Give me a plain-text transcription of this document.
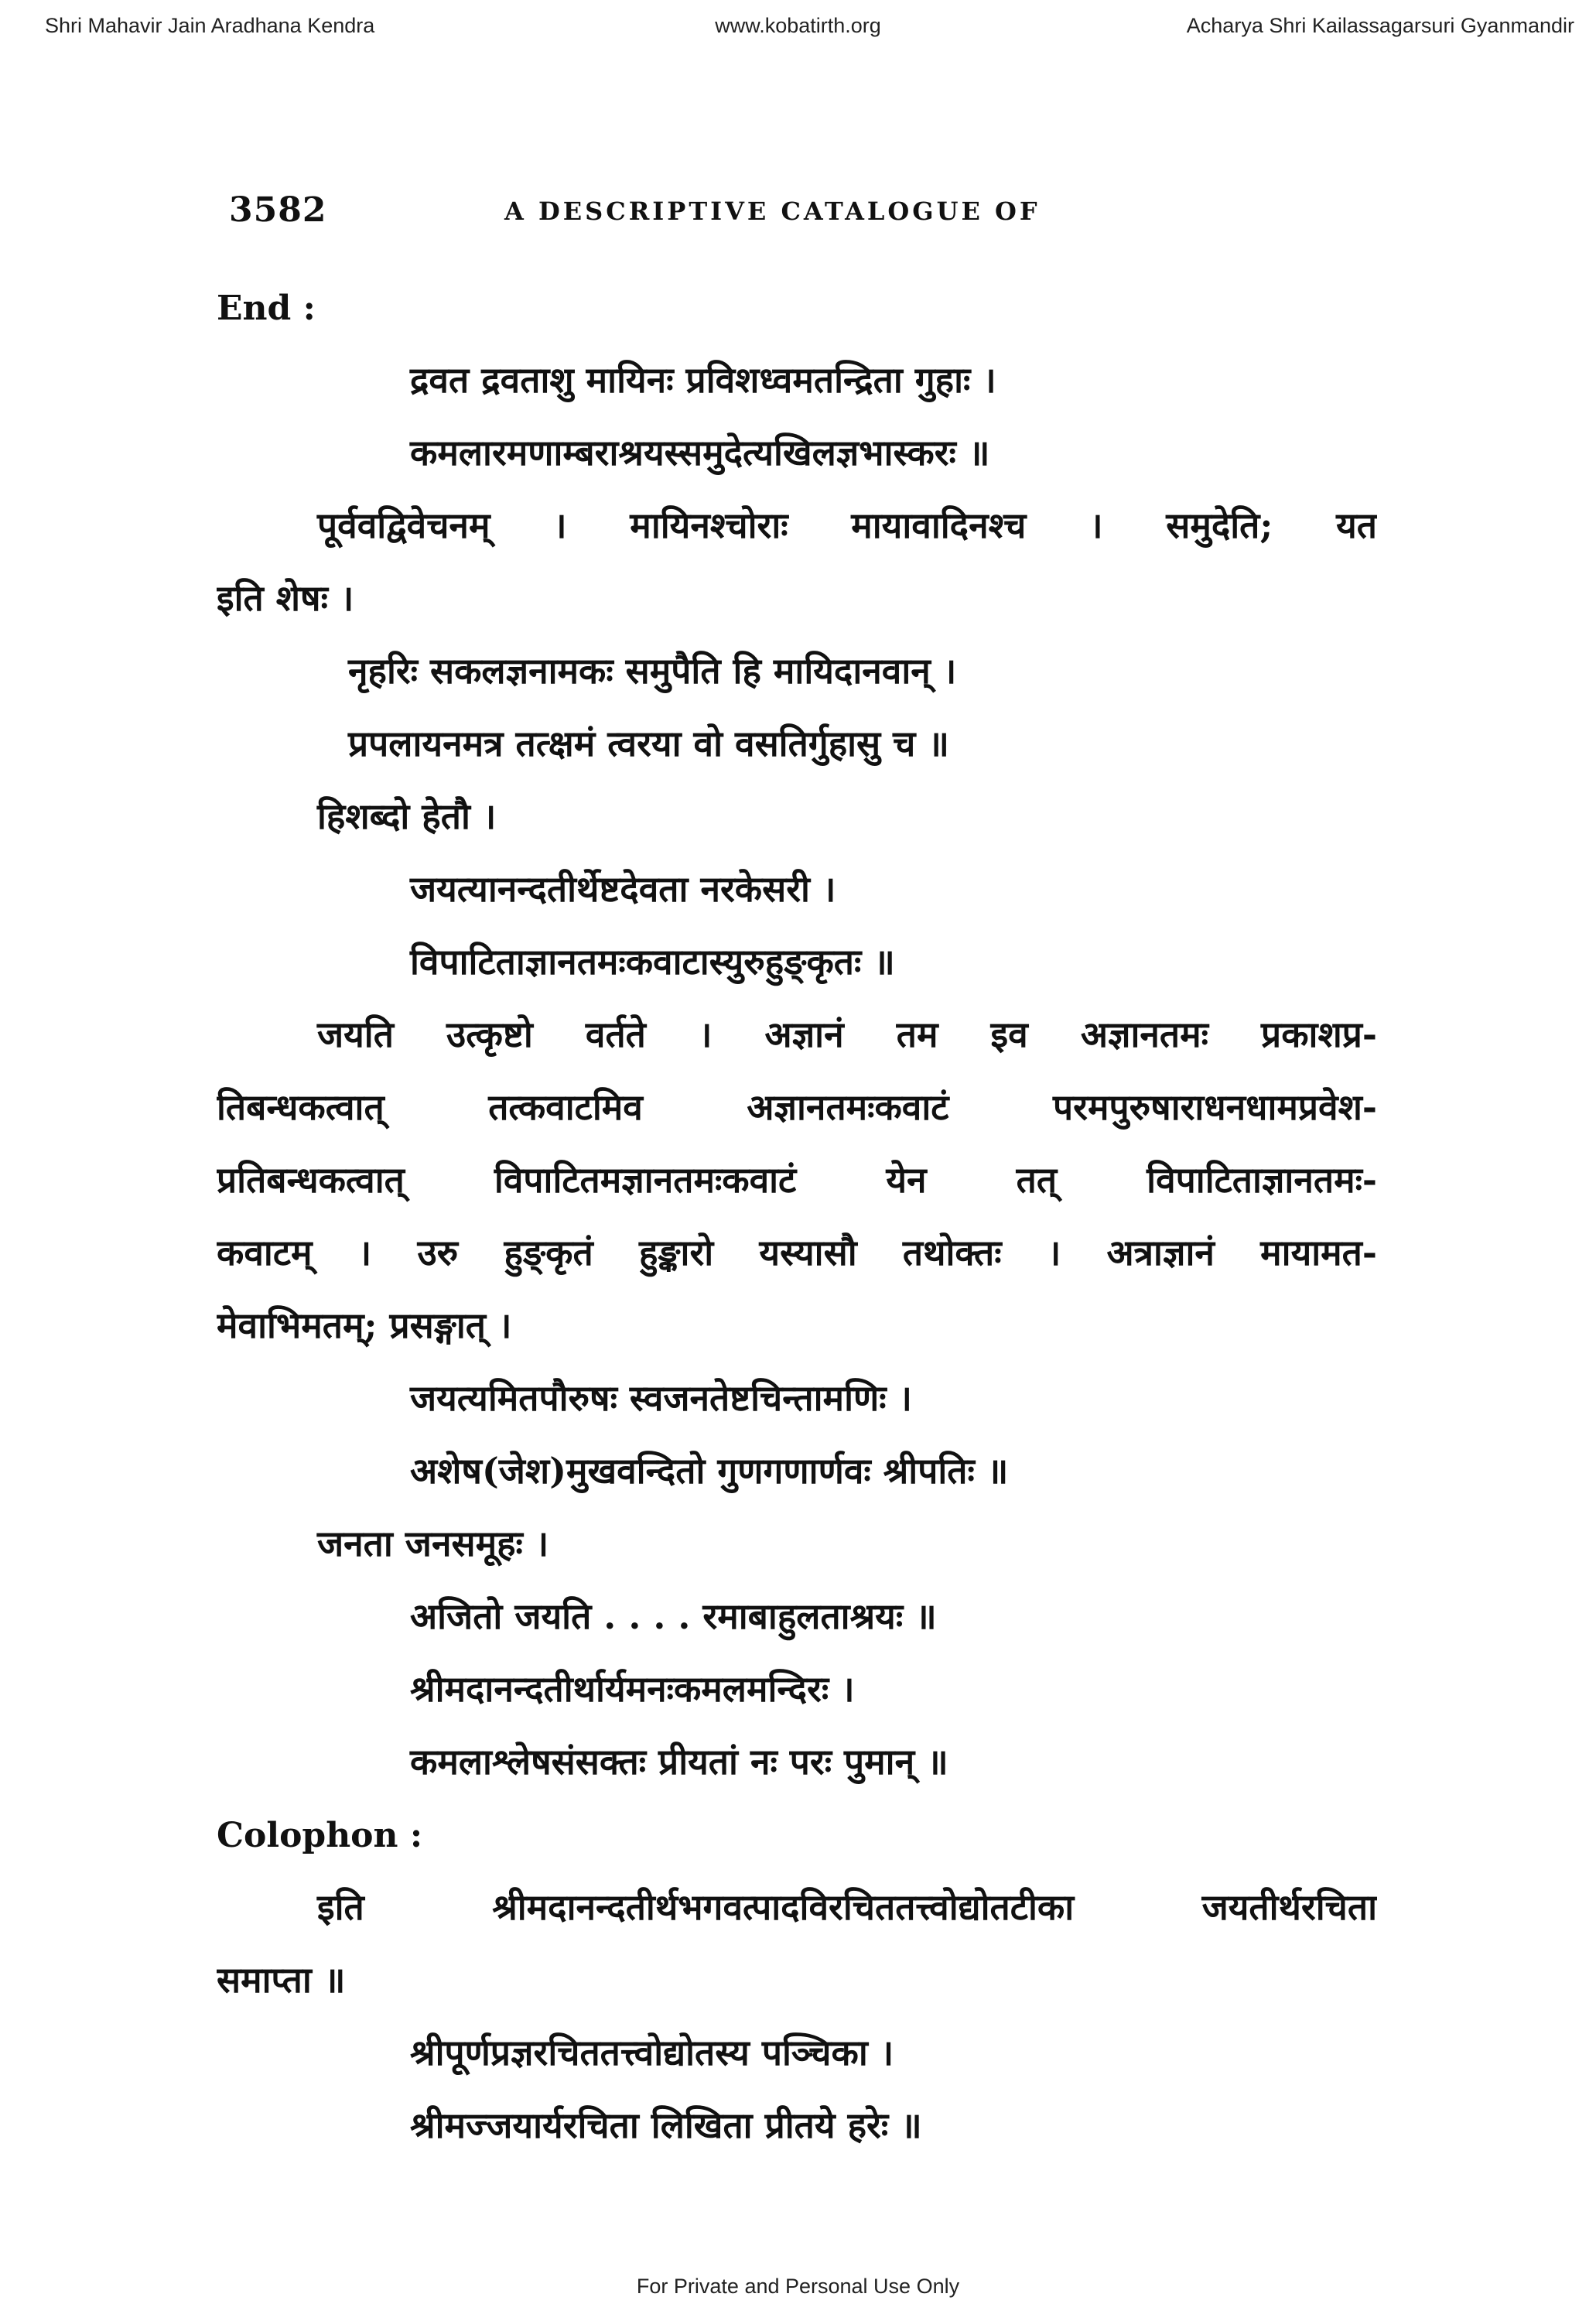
Shri Mahavir Jain Aradhana Kendra	www.kobatirth.org	Acharya Shri Kailassagarsuri Gyanmandir
3582	A DESCRIPTIVE CATALOGUE OF
End :
द्रवत द्रवताशु मायिनः प्रविशध्वमतन्द्रिता गुहाः ।
कमलारमणाम्बराश्रयस्समुदेत्यखिलज्ञभास्करः ॥
पूर्ववद्विवेचनम् । मायिनश्चोराः मायावादिनश्च । समुदेति; यत
इति शेषः ।
नृहरिः सकलज्ञनामकः समुपैति हि मायिदानवान् ।
प्रपलायनमत्र तत्क्षमं त्वरया वो वसतिर्गुहासु च ॥
हिशब्दो हेतौ ।
जयत्यानन्दतीर्थेष्टदेवता नरकेसरी ।
विपाटिताज्ञानतमःकवाटास्युरुहुङ्कृतः ॥
जयति उत्कृष्टो वर्तते । अज्ञानं तम इव अज्ञानतमः प्रकाशप्र-
तिबन्धकत्वात् तत्कवाटमिव अज्ञानतमःकवाटं परमपुरुषाराधनधामप्रवेश-
प्रतिबन्धकत्वात् विपाटितमज्ञानतमःकवाटं येन तत् विपाटिताज्ञानतमः-
कवाटम् । उरु हुङ्कृतं हुङ्कारो यस्यासौ तथोक्तः । अत्राज्ञानं मायामत-
मेवाभिमतम्; प्रसङ्गात् ।
जयत्यमितपौरुषः स्वजनतेष्टचिन्तामणिः ।
अशेष(जेश)मुखवन्दितो गुणगणार्णवः श्रीपतिः ॥
जनता जनसमूहः ।
अजितो जयति . . . . रमाबाहुलताश्रयः ॥
श्रीमदानन्दतीर्थार्यमनःकमलमन्दिरः ।
कमलाश्लेषसंसक्तः प्रीयतां नः परः पुमान् ॥
Colophon :
इति श्रीमदानन्दतीर्थभगवत्पादविरचिततत्त्वोद्योतटीका जयतीर्थरचिता
समाप्ता ॥
श्रीपूर्णप्रज्ञरचिततत्त्वोद्योतस्य पञ्चिका ।
श्रीमज्जयार्यरचिता लिखिता प्रीतये हरेः ॥
For Private and Personal Use Only
